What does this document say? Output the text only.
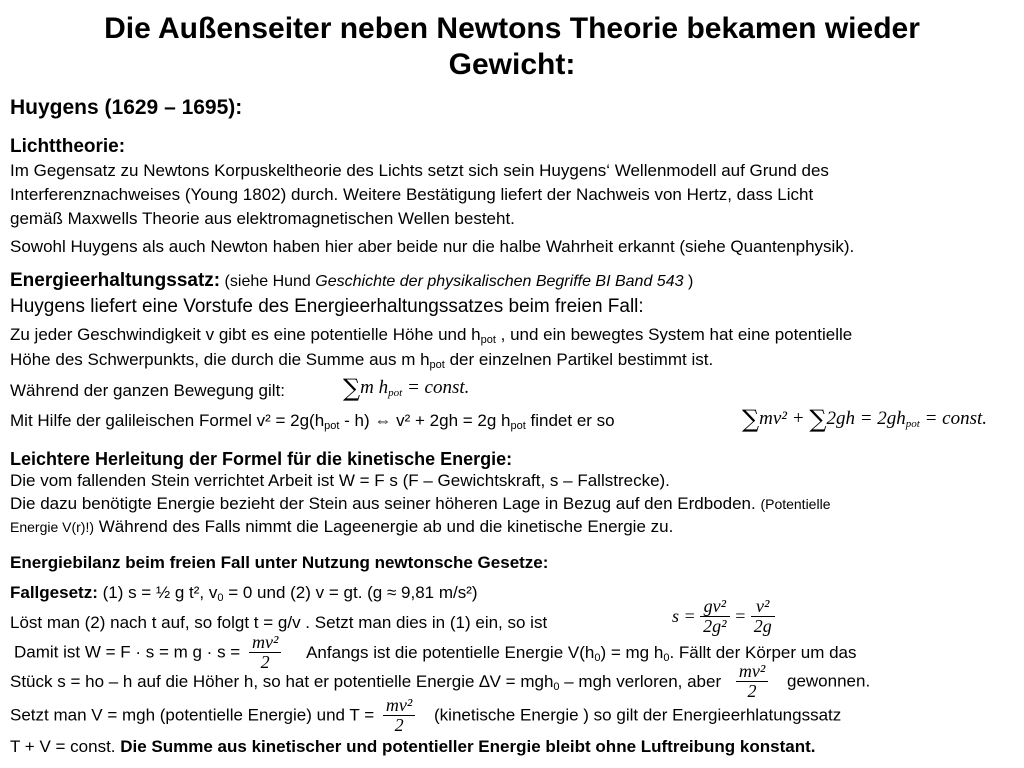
Die Außenseiter neben Newtons Theorie bekamen wieder
Gewicht:
Huygens (1629 – 1695):
Lichttheorie:
Im Gegensatz zu Newtons Korpuskeltheorie des Lichts setzt sich sein Huygens‘ Wellenmodell auf Grund des
Interferenznachweises (Young 1802) durch. Weitere Bestätigung liefert der Nachweis von Hertz, dass Licht
gemäß Maxwells Theorie aus elektromagnetischen Wellen besteht.
Sowohl Huygens als auch Newton haben hier aber beide nur die halbe Wahrheit erkannt (siehe Quantenphysik).
Energieerhaltungssatz: (siehe Hund Geschichte der physikalischen Begriffe BI Band 543 )
Huygens liefert eine Vorstufe des Energieerhaltungssatzes beim freien Fall:
Zu jeder Geschwindigkeit v gibt es eine potentielle Höhe und $h_{pot}$ , und ein bewegtes System hat eine potentielle
Höhe des Schwerpunkts, die durch die Summe aus m $h_{pot}$ der einzelnen Partikel bestimmt ist.
Während der ganzen Bewegung gilt: ∑m $h_{pot}$ = const.
Mit Hilfe der galileischen Formel $v^2 = 2g(h_{pot} - h)$ ⇔ v² + 2gh = 2g $h_{pot}$ findet er so	$\sum mv^2 + \sum 2gh = 2gh_{pot}$ = const.
Leichtere Herleitung der Formel für die kinetische Energie:
Die vom fallenden Stein verrichtet Arbeit ist W = F s (F – Gewichtskraft, s – Fallstrecke).
Die dazu benötigte Energie bezieht der Stein aus seiner höheren Lage in Bezug auf den Erdboden. (Potentielle
Energie V(r)!) Während des Falls nimmt die Lageenergie ab und die kinetische Energie zu.
Energiebilanz beim freien Fall unter Nutzung newtonsche Gesetze:
Fallgesetz: (1) s = ½ g t², $v_0 = 0$ und (2) v = gt. (g ≈ 9,81 m/s²)
Löst man (2) nach t auf, so folgt t = g/v . Setzt man dies in (1) ein, so ist	$s = \frac{\text{gv²}}{\text{2g²}} = \frac{\text{v²}}{2g}$
Damit ist W = F · s = m $g \cdot s = \frac{\text{mv²}}{2}$ Anfangs ist die potentielle Energie $V(h_0)$ = mg $h_0$. Fällt der Körper um das
Stück s = ho – h auf die Höher h, so hat er potentielle Energie ∆V = mgh$_0$ – mgh verloren, aber $\frac{\text{mv²}}{2}$ gewonnen.
Setzt man V = mgh (potentielle Energie) und $T = \frac{\text{mv²}}{2}$ (kinetische Energie ) so gilt der Energieerhlatungssatz
T + V = const. Die Summe aus kinetischer und potentieller Energie bleibt ohne Luftreibung konstant.
